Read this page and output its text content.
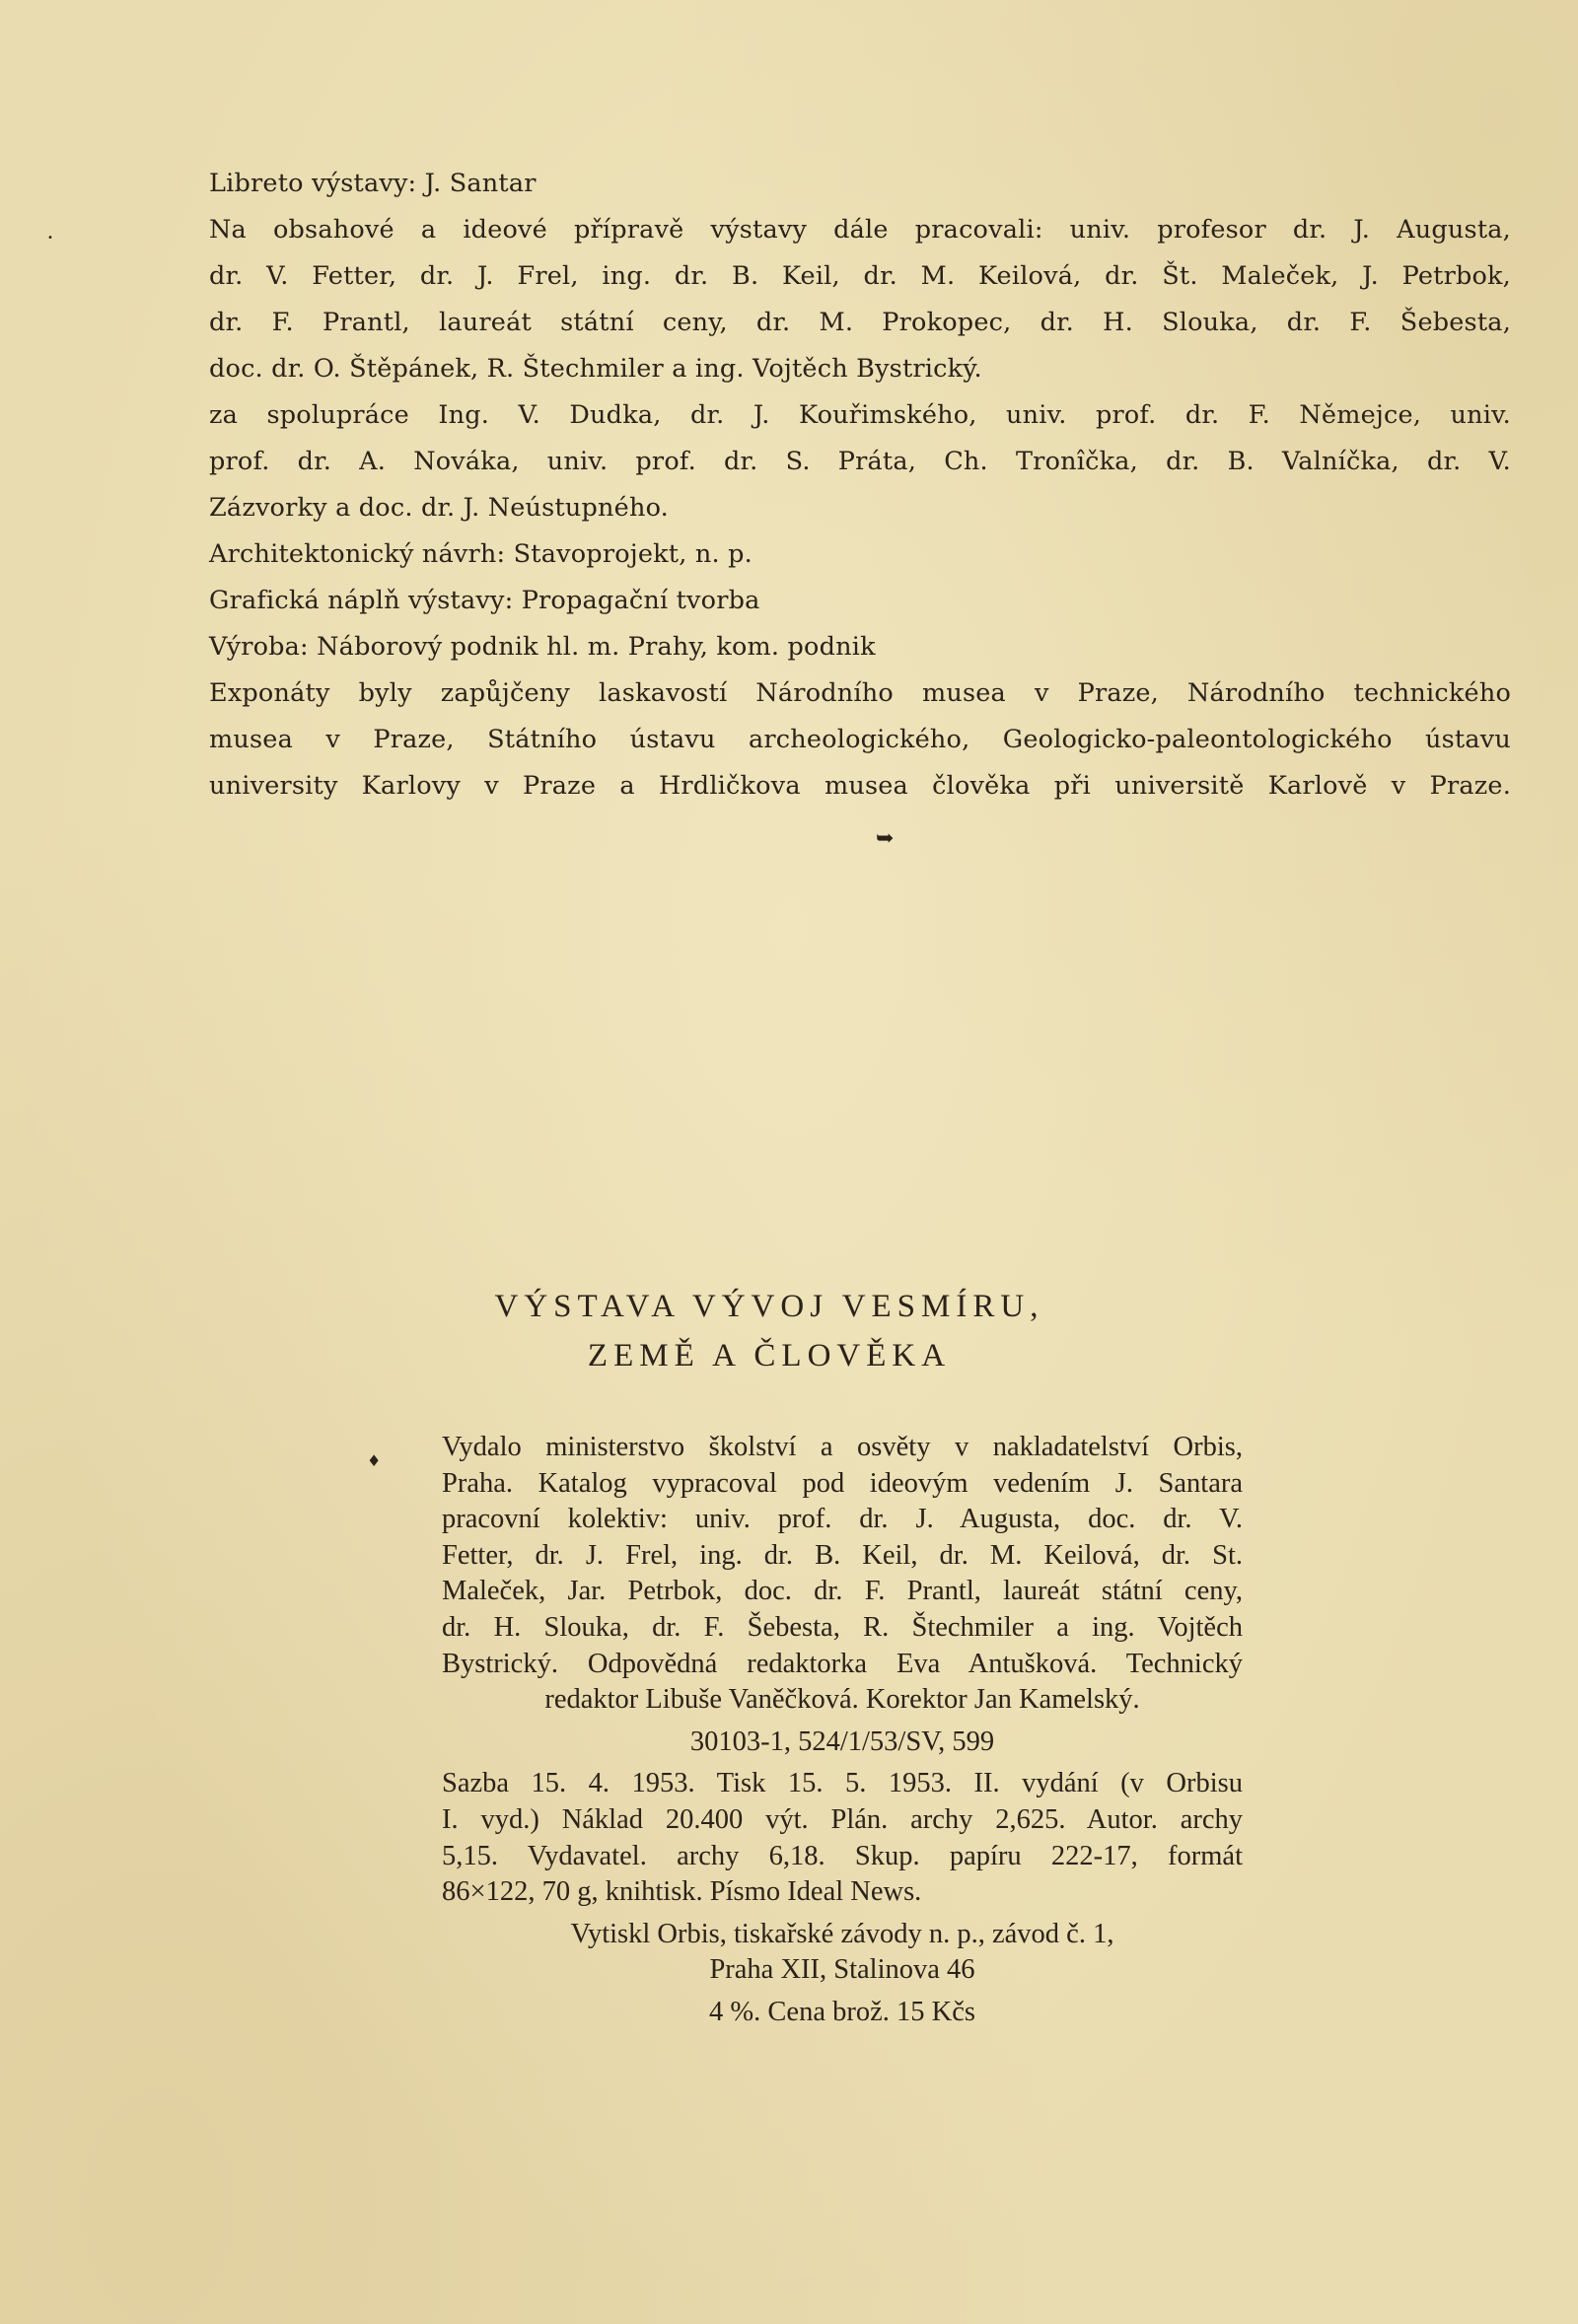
Libreto výstavy: J. Santar

Na obsahové a ideové přípravě výstavy dále pracovali: univ. profesor dr. J. Augusta,

dr. V. Fetter, dr. J. Frel, ing. dr. B. Keil, dr. M. Keilová, dr. Št. Maleček, J. Petrbok,

dr. F. Prantl, laureát státní ceny, dr. M. Prokopec, dr. H. Slouka, dr. F. Šebesta,

doc. dr. O. Štěpánek, R. Štechmiler a ing. Vojtěch Bystrický.

za spolupráce Ing. V. Dudka, dr. J. Kouřimského, univ. prof. dr. F. Němejce, univ.

prof. dr. A. Nováka, univ. prof. dr. S. Práta, Ch. Tronîčka, dr. B. Valníčka, dr. V.

Zázvorky a doc. dr. J. Neústupného.

Architektonický návrh: Stavoprojekt, n. p.

Grafická náplň výstavy: Propagační tvorba

Výroba: Náborový podnik hl. m. Prahy, kom. podnik

Exponáty byly zapůjčeny laskavostí Národního musea v Praze, Národního technického

musea v Praze, Státního ústavu archeologického, Geologicko-paleontologického ústavu

university Karlovy v Praze a Hrdličkova musea člověka při universitě Karlově v Praze.

➥
♦
•
VÝSTAVA VÝVOJ VESMÍRU,
ZEMĚ A ČLOVĚKA
Vydalo ministerstvo školství a osvěty v nakladatelství Orbis,
Praha. Katalog vypracoval pod ideovým vedením J. Santara
pracovní kolektiv: univ. prof. dr. J. Augusta, doc. dr. V.
Fetter, dr. J. Frel, ing. dr. B. Keil, dr. M. Keilová, dr. St.
Maleček, Jar. Petrbok, doc. dr. F. Prantl, laureát státní ceny,
dr. H. Slouka, dr. F. Šebesta, R. Štechmiler a ing. Vojtěch
Bystrický. Odpovědná redaktorka Eva Antušková. Technický
redaktor Libuše Vaněčková. Korektor Jan Kamelský.

30103-1, 524/1/53/SV, 599

Sazba 15. 4. 1953. Tisk 15. 5. 1953. II. vydání (v Orbisu
I. vyd.) Náklad 20.400 výt. Plán. archy 2,625. Autor. archy
5,15. Vydavatel. archy 6,18. Skup. papíru 222-17, formát
86×122, 70 g, knihtisk. Písmo Ideal News.

Vytiskl Orbis, tiskařské závody n. p., závod č. 1,

Praha XII, Stalinova 46

4 %. Cena brož. 15 Kčs
